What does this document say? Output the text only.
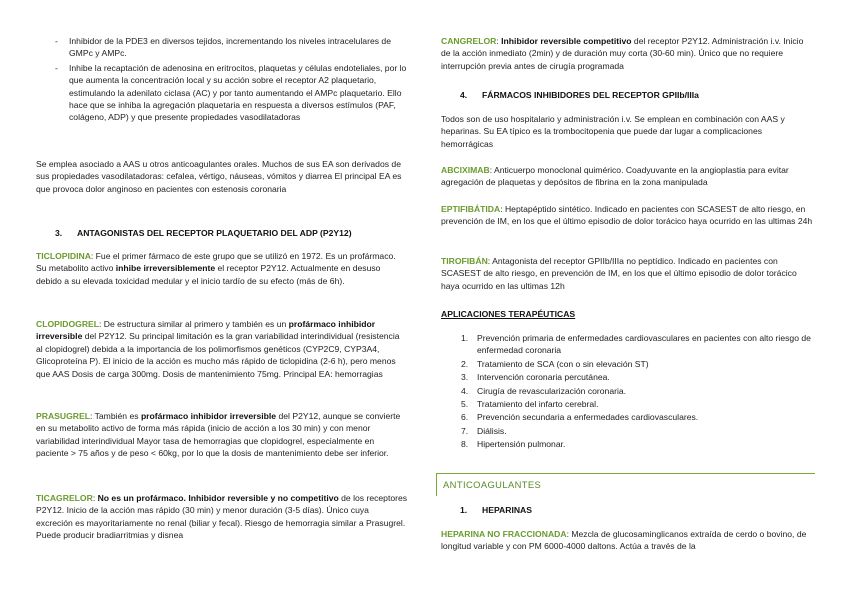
- Inhibidor de la PDE3 en diversos tejidos, incrementando los niveles intracelulares de GMPc y AMPc.
- Inhibe la recaptación de adenosina en eritrocitos, plaquetas y células endoteliales, por lo que aumenta la concentración local y su acción sobre el receptor A2 plaquetario, estimulando la adenilato ciclasa (AC) y por tanto aumentando el AMPc plaquetario. Ello hace que se inhiba la agregación plaquetaria en respuesta a diversos estímulos (PAF, colágeno, ADP) y que presente propiedades vasodilatadoras

Se emplea asociado a AAS u otros anticoagulantes orales. Muchos de sus EA son derivados de sus propiedades vasodilatadoras: cefalea, vértigo, náuseas, vómitos y diarrea El principal EA es que provoca dolor anginoso en pacientes con estenosis coronaria

3. ANTAGONISTAS DEL RECEPTOR PLAQUETARIO DEL ADP (P2Y12)

TICLOPIDINA: Fue el primer fármaco de este grupo que se utilizó en 1972. Es un profármaco. Su metabolito activo inhibe irreversiblemente el receptor P2Y12. Actualmente en desuso debido a su elevada toxicidad medular y el inicio tardío de su efecto (más de 6h).

CLOPIDOGREL: De estructura similar al primero y también es un profármaco inhibidor irreversible del P2Y12. Su principal limitación es la gran variabilidad interindividual (resistencia al clopidogrel) debida a la importancia de los polimorfismos genéticos (CYP2C9, CYP3A4, Glicoproteína P). El inicio de la acción es mucho más rápido de ticlopidina (2-6 h), pero menos que AAS Dosis de carga 300mg. Dosis de mantenimiento 75mg. Principal EA: hemorragias

PRASUGREL: También es profármaco inhibidor irreversible del P2Y12, aunque se convierte en su metabolito activo de forma más rápida (inicio de acción a los 30 min) y con menor variabilidad interindividual Mayor tasa de hemorragias que clopidogrel, especialmente en paciente > 75 años y de peso < 60kg, por lo que la dosis de mantenimiento debe ser inferior.

TICAGRELOR: No es un profármaco. Inhibidor reversible y no competitivo de los receptores P2Y12. Inicio de la acción mas rápido (30 min) y menor duración (3-5 días). Único cuya excreción es mayoritariamente no renal (biliar y fecal). Riesgo de hemorragia similar a Prasugrel. Puede producir bradiarritmias y disnea

CANGRELOR: Inhibidor reversible competitivo del receptor P2Y12. Administración i.v. Inicio de la acción inmediato (2min) y de duración muy corta (30-60 min). Único que no requiere interrupción previa antes de cirugía programada

4. FÁRMACOS INHIBIDORES DEL RECEPTOR GPIIb/IIIa

Todos son de uso hospitalario y administración i.v. Se emplean en combinación con AAS y heparinas. Su EA típico es la trombocitopenia que puede dar lugar a complicaciones hemorrágicas

ABCIXIMAB: Anticuerpo monoclonal quimérico. Coadyuvante en la angioplastia para evitar agregación de plaquetas y depósitos de fibrina en la zona manipulada

EPTIFIBÁTIDA: Heptapéptido sintético. Indicado en pacientes con SCASEST de alto riesgo, en prevención de IM, en los que el último episodio de dolor torácico haya ocurrido en las ultimas 24h

TIROFIBÁN: Antagonista del receptor GPIIb/IIIa no peptídico. Indicado en pacientes con SCASEST de alto riesgo, en prevención de IM, en los que el último episodio de dolor torácico haya ocurrido en las ultimas 12h

APLICACIONES TERAPÉUTICAS

1. Prevención primaria de enfermedades cardiovasculares en pacientes con alto riesgo de enfermedad coronaria
2. Tratamiento de SCA (con o sin elevación ST)
3. Intervención coronaria percutánea.
4. Cirugía de revascularización coronaria.
5. Tratamiento del infarto cerebral.
6. Prevención secundaria a enfermedades cardiovasculares.
7. Diálisis.
8. Hipertensión pulmonar.
ANTICOAGULANTES

1. HEPARINAS

HEPARINA NO FRACCIONADA: Mezcla de glucosaminglicanos extraída de cerdo o bovino, de longitud variable y con PM 6000-4000 daltons. Actúa a través de la
